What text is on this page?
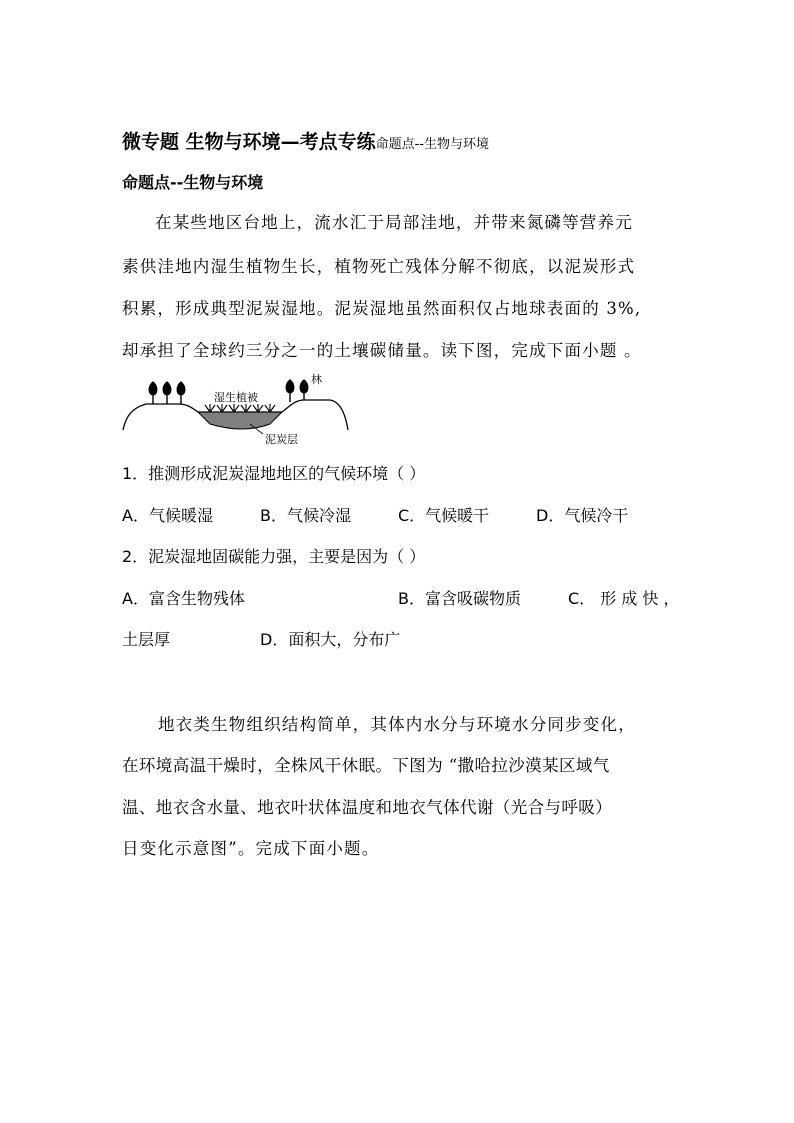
微专题 生物与环境—考点专练命题点--生物与环境
命题点--生物与环境
在某些地区台地上，流水汇于局部洼地，并带来氮磷等营养元
素供洼地内湿生植物生长，植物死亡残体分解不彻底，以泥炭形式
积累，形成典型泥炭湿地。泥炭湿地虽然面积仅占地球表面的 3%,
却承担了全球约三分之一的土壤碳储量。读下图，完成下面小题 。
林
湿生植被
泥炭层
1．推测形成泥炭湿地地区的气候环境（ ）
A．气候暖湿	B．气候冷湿	C．气候暖干	D．气候冷干
2．泥炭湿地固碳能力强，主要是因为（ ）
A．富含生物残体	B．富含吸碳物质	C． 形 成 快 ，
土层厚	D．面积大，分布广
地衣类生物组织结构简单，其体内水分与环境水分同步变化，
在环境高温干燥时，全株风干休眠。下图为 “撒哈拉沙漠某区域气
温、地衣含水量、地衣叶状体温度和地衣气体代谢（光合与呼吸）
日变化示意图”。完成下面小题。
